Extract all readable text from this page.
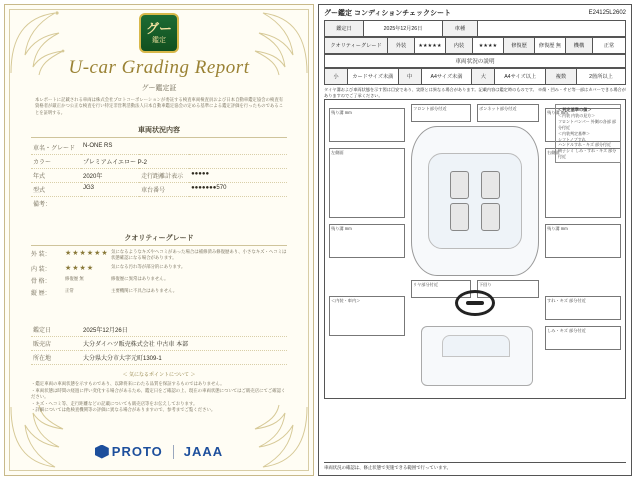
グー
鑑定
U-car Grading Report
グー鑑定証
本レポートに記載される車両は株式会社プロトコーポレーションが委託する検査車両検査員および日本自動車鑑定協会の検査有資格者が厳正かつ公正な検査を行い特定非営利活動法人日本自動車鑑定協会の定める基準による鑑定評価を行ったものであることを証明する。
車両状況内容
車名・グレード	N-ONE RS		
カラー	プレミアムイエロー P-2		
年式	2020年	走行距離計表示	●●●●●
型式	JG3	車台番号	●●●●●●●570
備考：			
クオリティーグレード
外 装：	★★★★★★ 気になるようなキズやヘコミがあった場合は補修済み修復歴あり、小さなキズ・ヘコミは状態確認になる場合があります。
内 装：	★★★★	気になる汚れ等が部分的にあります。
骨 格：
修復歴 無	修復歴に異常はありません。
縦 歴：
正常	主要機関に不具合はありません。
鑑定日	2025年12月26日
販売店	大分ダイハツ販売株式会社 中古車 本部
所在地	大分県大分市大字元町1309-1
＜ 気になるポイントについて ＞
・鑑定車両の車両状態を示すものであり、以降将来にわたる品質を保証するものではありません。
・車両状態は時間の経過に伴い変化する場合があるため、鑑定日をご確認の上、現在の車両状態についてはご販売店にてご確認ください。
・キズ・ヘコミ等、走行距離などの記載についても販売店等をお伝えしております。
・詳細については他検査機関等の評価に異なる場合がありますので、参考までご覧ください。
PROTO JAAA
グー鑑定 コンディションチェックシート	E24125L2602
鑑定日	2025年12月26日	車種	
クオリティーグレード	外装	★★★★★	内装	★★★★	修復歴	修復歴 無	機構	正常
車両状況の説明
小	カードサイズ未満	中	A4サイズ未満	大	A4サイズ以上	複数	2箇所以上
タイヤ溝および車両状態を示す図は目安であり、実際とは異なる場合があります。記載内容は鑑定時のものです。 ※傷・凹み・サビ等一部はカバーできる場合がありますのでご了承ください。
残り溝 mm
左側面
残り溝 mm
残り溝 mm
右側面
残り溝 mm
フロント部分付近	ボンネット部分付近
リヤ部分付近	下回り
＜内装・車内＞	すれ・キズ 部分付近
しみ・キズ 部分付近
＜判定基準の値＞
＜内装 内装の見方＞
フロントバンパー 外側の各部 部分付近
＜内装判定基準＞
シフトノブすれ
ハンドルすれ・キズ 部分付近
椅子シミ しみ・すれ・キズ 部分付近
車両状況の確認は、修止状態で実施できる範囲で行っています。
